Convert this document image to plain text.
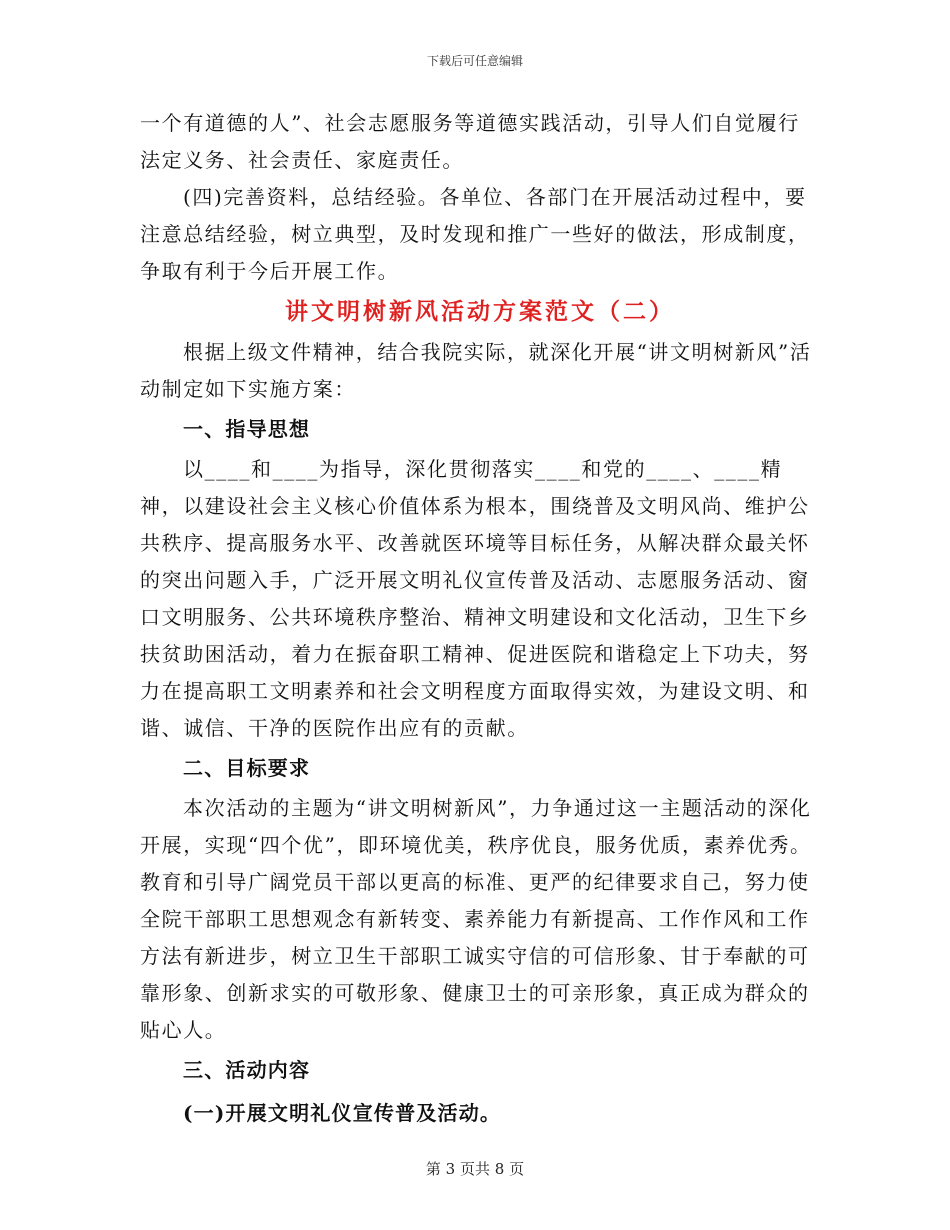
下载后可任意编辑

一个有道德的人”、社会志愿服务等道德实践活动，引导人们自觉履行法定义务、社会责任、家庭责任。

(四)完善资料，总结经验。各单位、各部门在开展活动过程中，要注意总结经验，树立典型，及时发现和推广一些好的做法，形成制度，争取有利于今后开展工作。

讲文明树新风活动方案范文（二）

根据上级文件精神，结合我院实际，就深化开展“讲文明树新风”活动制定如下实施方案：

一、指导思想

以____和____为指导，深化贯彻落实____和党的____、____精神，以建设社会主义核心价值体系为根本，围绕普及文明风尚、维护公共秩序、提高服务水平、改善就医环境等目标任务，从解决群众最关怀的突出问题入手，广泛开展文明礼仪宣传普及活动、志愿服务活动、窗口文明服务、公共环境秩序整治、精神文明建设和文化活动，卫生下乡扶贫助困活动，着力在振奋职工精神、促进医院和谐稳定上下功夫，努力在提高职工文明素养和社会文明程度方面取得实效，为建设文明、和谐、诚信、干净的医院作出应有的贡献。

二、目标要求

本次活动的主题为“讲文明树新风”，力争通过这一主题活动的深化开展，实现“四个优”，即环境优美，秩序优良，服务优质，素养优秀。教育和引导广阔党员干部以更高的标准、更严的纪律要求自己，努力使全院干部职工思想观念有新转变、素养能力有新提高、工作作风和工作方法有新进步，树立卫生干部职工诚实守信的可信形象、甘于奉献的可靠形象、创新求实的可敬形象、健康卫士的可亲形象，真正成为群众的贴心人。

三、活动内容

(一)开展文明礼仪宣传普及活动。

第 3 页共 8 页
